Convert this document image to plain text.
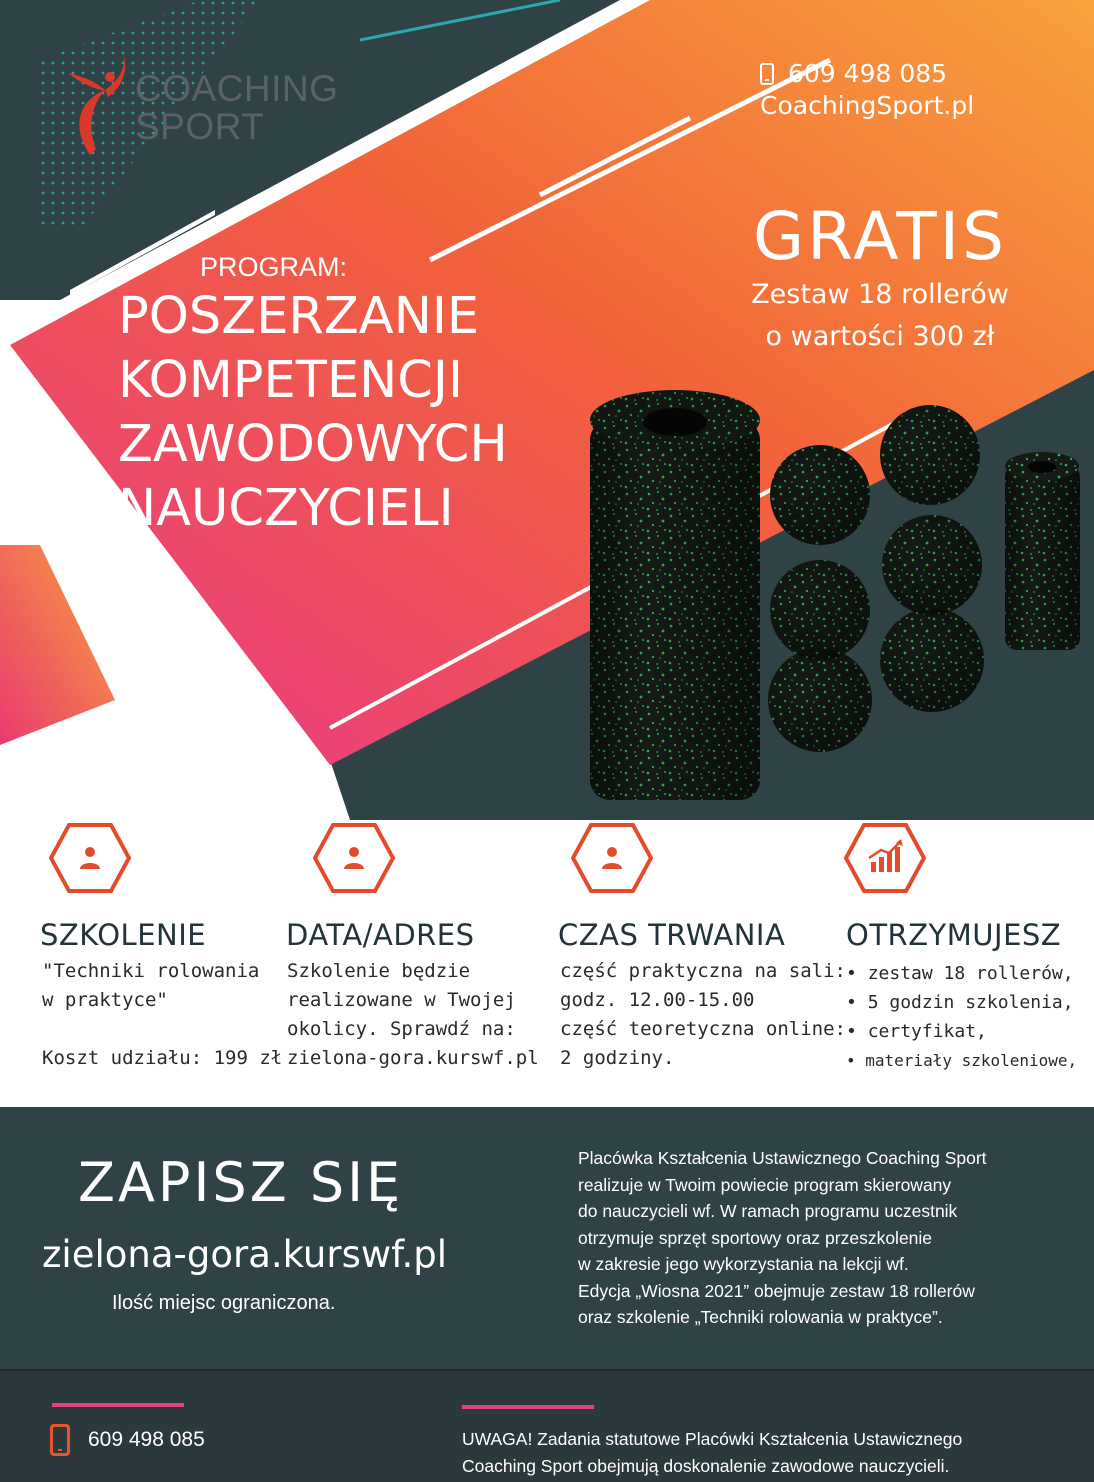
COACHING
SPORT
609 498 085
CoachingSport.pl
GRATIS
Zestaw 18 rollerów
o wartości 300 zł
PROGRAM:
POSZERZANIE
KOMPETENCJI
ZAWODOWYCH
NAUCZYCIELI
SZKOLENIE
"Techniki rolowania
w praktyce"
Koszt udziału: 199 zł
DATA/ADRES
Szkolenie będzie
realizowane w Twojej
okolicy. Sprawdź na:
zielona-gora.kurswf.pl
CZAS TRWANIA
część praktyczna na sali:
godz. 12.00-15.00
część teoretyczna online:
2 godziny.
OTRZYMUJESZ
• zestaw 18 rollerów,
• 5 godzin szkolenia,
• certyfikat,
• materiały szkoleniowe,
ZAPISZ SIĘ
zielona-gora.kurswf.pl
Ilość miejsc ograniczona.
Placówka Kształcenia Ustawicznego Coaching Sport
realizuje w Twoim powiecie program skierowany
do nauczycieli wf. W ramach programu uczestnik
otrzymuje sprzęt sportowy oraz przeszkolenie
w zakresie jego wykorzystania na lekcji wf.
Edycja „Wiosna 2021” obejmuje zestaw 18 rollerów
oraz szkolenie „Techniki rolowania w praktyce”.
609 498 085	UWAGA! Zadania statutowe Placówki Kształcenia Ustawicznego
Coaching Sport obejmują doskonalenie zawodowe nauczycieli.
